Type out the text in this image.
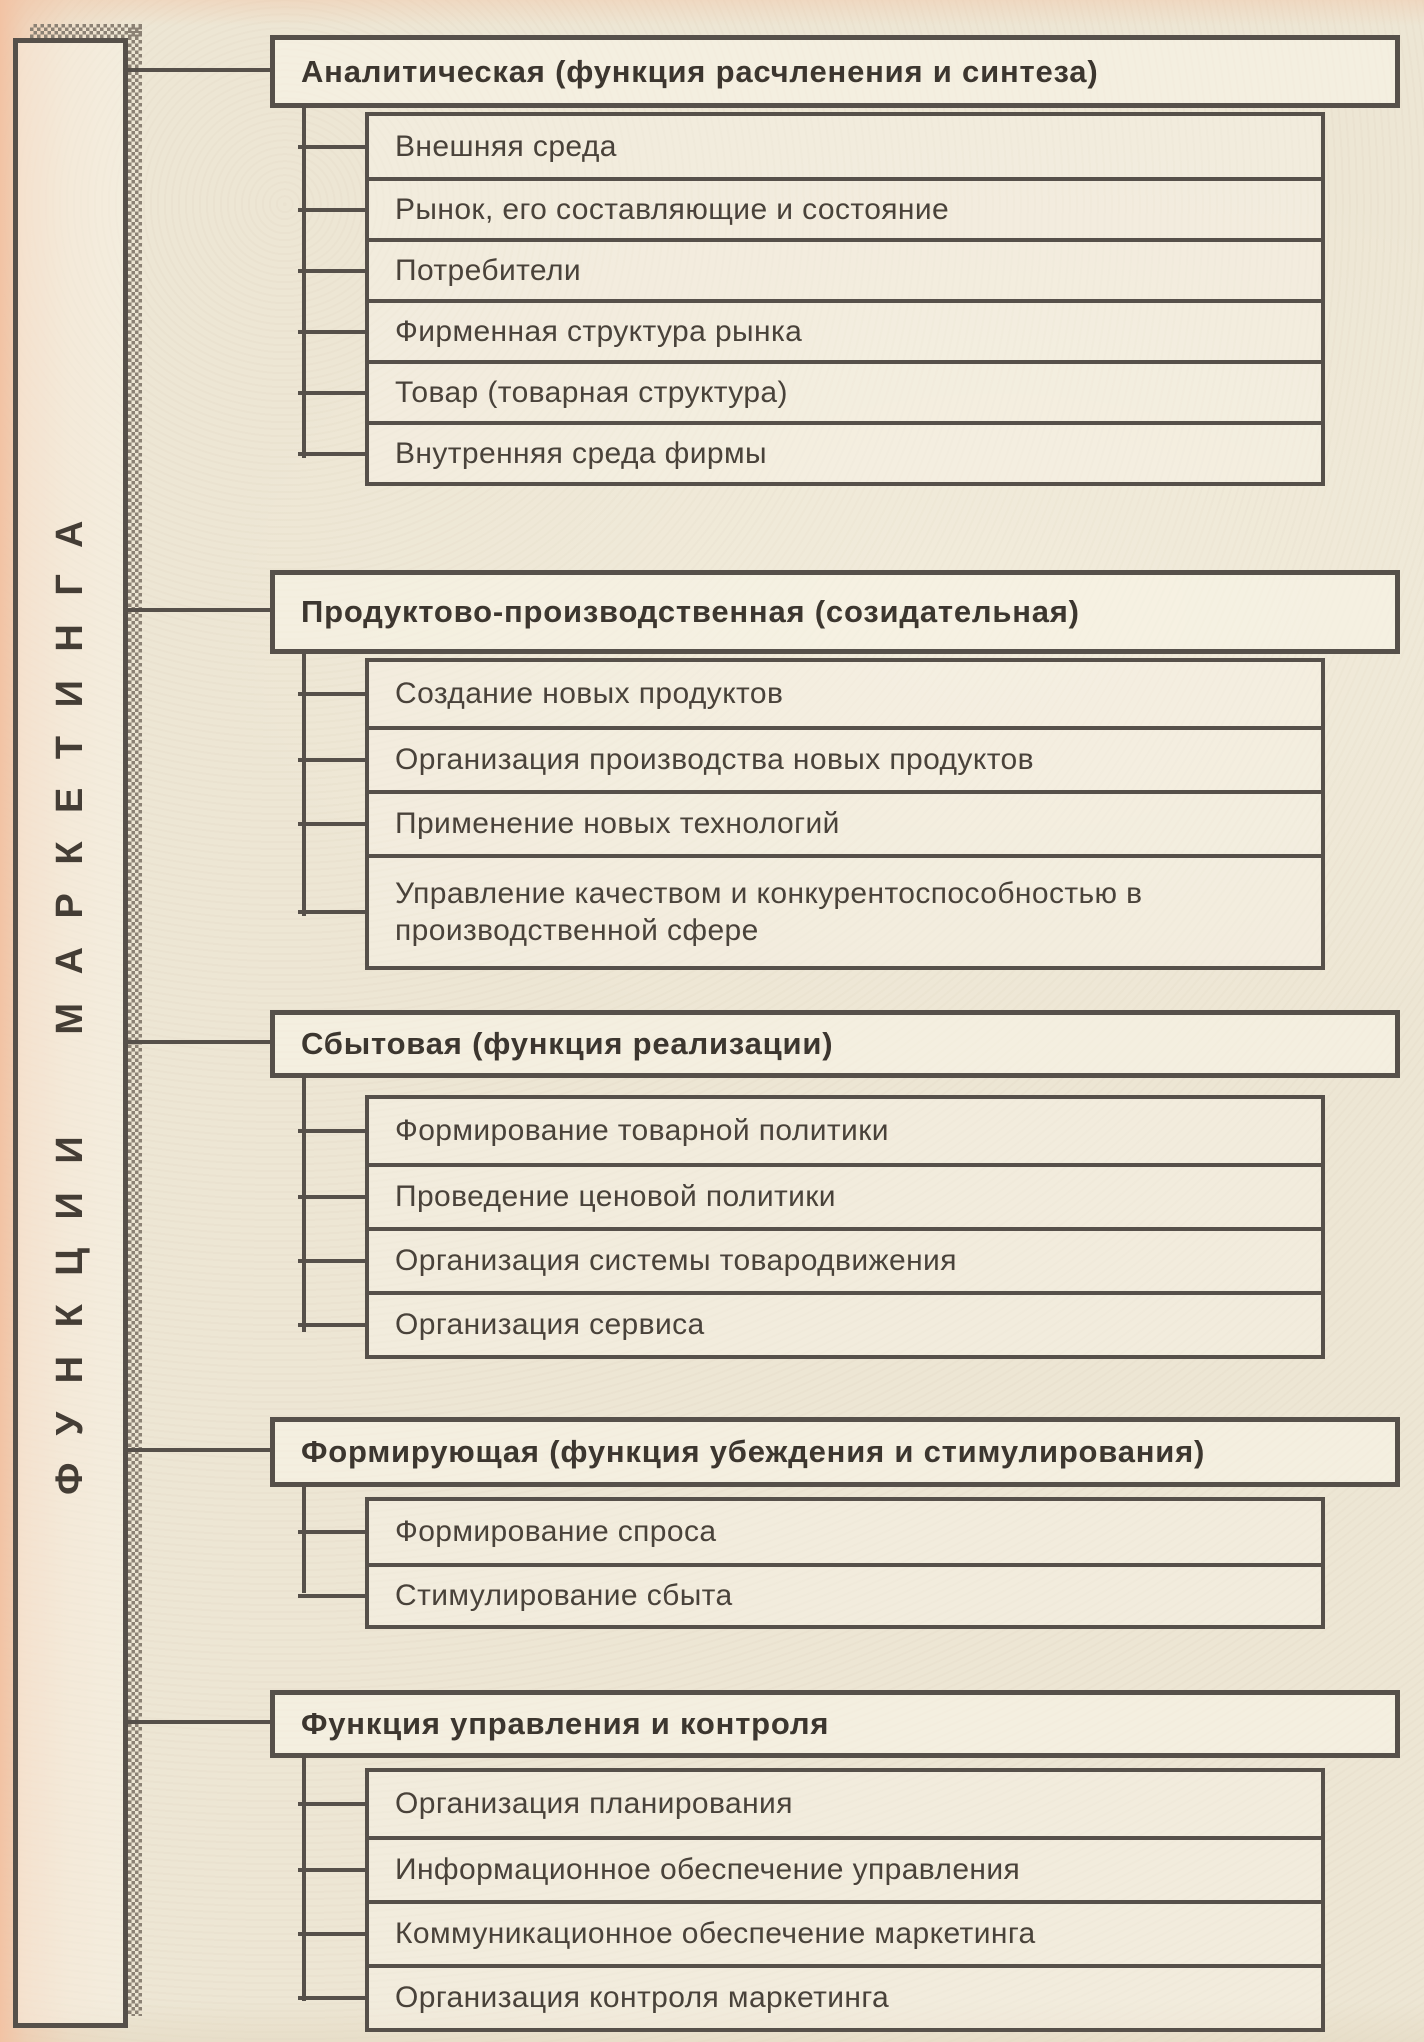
ФУНКЦИИ МАРКЕТИНГА
Аналитическая (функция расчленения и синтеза)
Внешняя среда
Рынок, его составляющие и состояние
Потребители
Фирменная структура рынка
Товар (товарная структура)
Внутренняя среда фирмы
Продуктово-производственная (созидательная)
Создание новых продуктов
Организация производства новых продуктов
Применение новых технологий
Управление качеством и конкурентоспособностью в производственной сфере
Сбытовая (функция реализации)
Формирование товарной политики
Проведение ценовой политики
Организация системы товародвижения
Организация сервиса
Формирующая (функция убеждения и стимулирования)
Формирование спроса
Стимулирование сбыта
Функция управления и контроля
Организация планирования
Информационное обеспечение управления
Коммуникационное обеспечение маркетинга
Организация контроля маркетинга
